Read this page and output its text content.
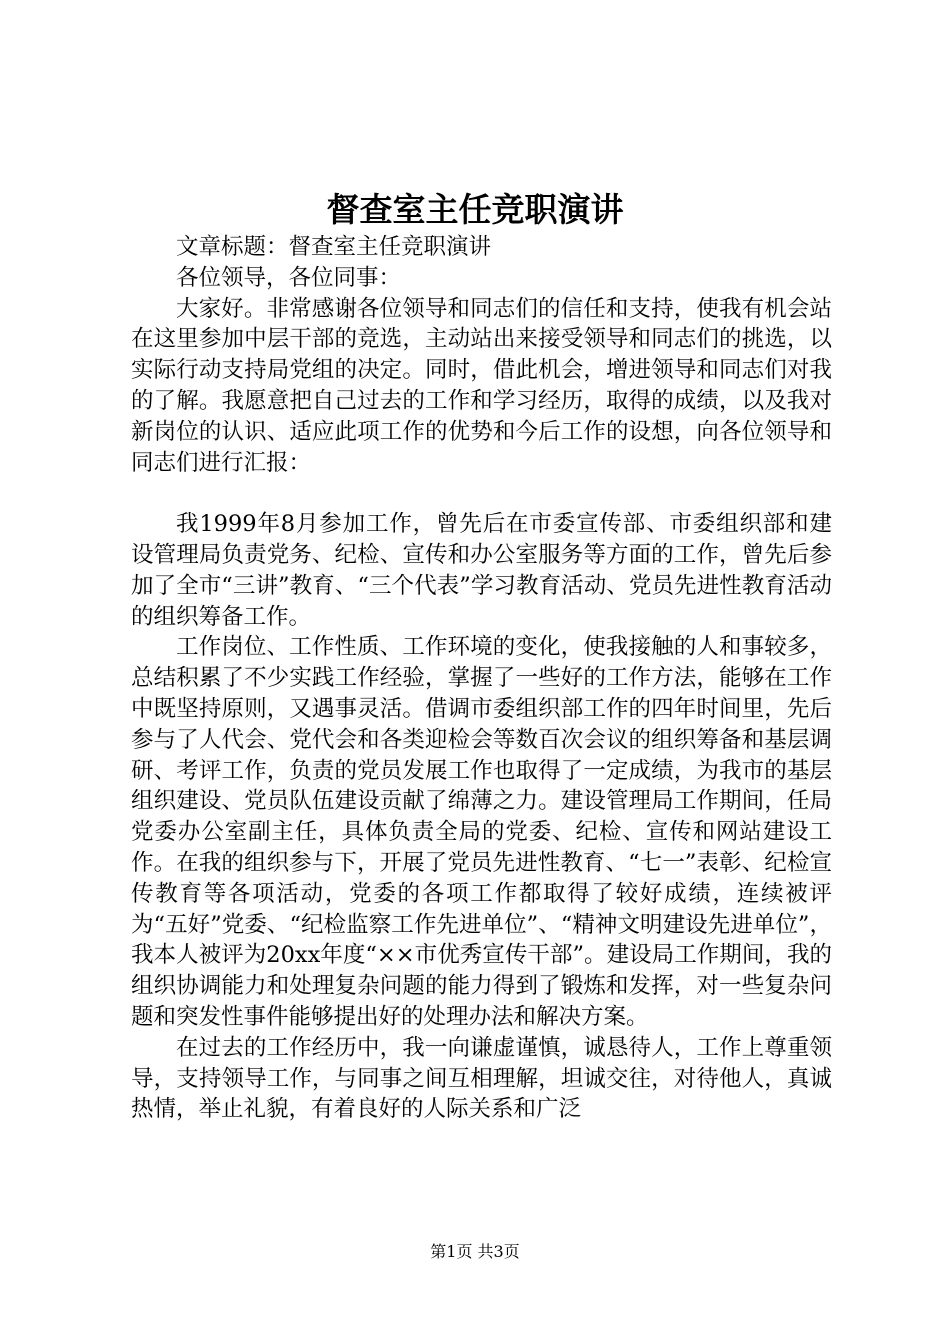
督查室主任竞职演讲

文章标题：督查室主任竞职演讲

各位领导，各位同事：

大家好。非常感谢各位领导和同志们的信任和支持，使我有机会站在这里参加中层干部的竞选，主动站出来接受领导和同志们的挑选，以实际行动支持局党组的决定。同时，借此机会，增进领导和同志们对我的了解。我愿意把自己过去的工作和学习经历，取得的成绩，以及我对新岗位的认识、适应此项工作的优势和今后工作的设想，向各位领导和同志们进行汇报：

我1999年8月参加工作，曾先后在市委宣传部、市委组织部和建设管理局负责党务、纪检、宣传和办公室服务等方面的工作，曾先后参加了全市“三讲”教育、“三个代表”学习教育活动、党员先进性教育活动的组织筹备工作。

工作岗位、工作性质、工作环境的变化，使我接触的人和事较多，总结积累了不少实践工作经验，掌握了一些好的工作方法，能够在工作中既坚持原则，又遇事灵活。借调市委组织部工作的四年时间里，先后参与了人代会、党代会和各类迎检会等数百次会议的组织筹备和基层调研、考评工作，负责的党员发展工作也取得了一定成绩，为我市的基层组织建设、党员队伍建设贡献了绵薄之力。建设管理局工作期间，任局党委办公室副主任，具体负责全局的党委、纪检、宣传和网站建设工作。在我的组织参与下，开展了党员先进性教育、“七一”表彰、纪检宣传教育等各项活动，党委的各项工作都取得了较好成绩，连续被评为“五好”党委、“纪检监察工作先进单位”、“精神文明建设先进单位”，我本人被评为20xx年度“××市优秀宣传干部”。建设局工作期间，我的组织协调能力和处理复杂问题的能力得到了锻炼和发挥，对一些复杂问题和突发性事件能够提出好的处理办法和解决方案。

在过去的工作经历中，我一向谦虚谨慎，诚恳待人，工作上尊重领导，支持领导工作，与同事之间互相理解，坦诚交往，对待他人，真诚热情，举止礼貌，有着良好的人际关系和广泛

第1页 共3页
